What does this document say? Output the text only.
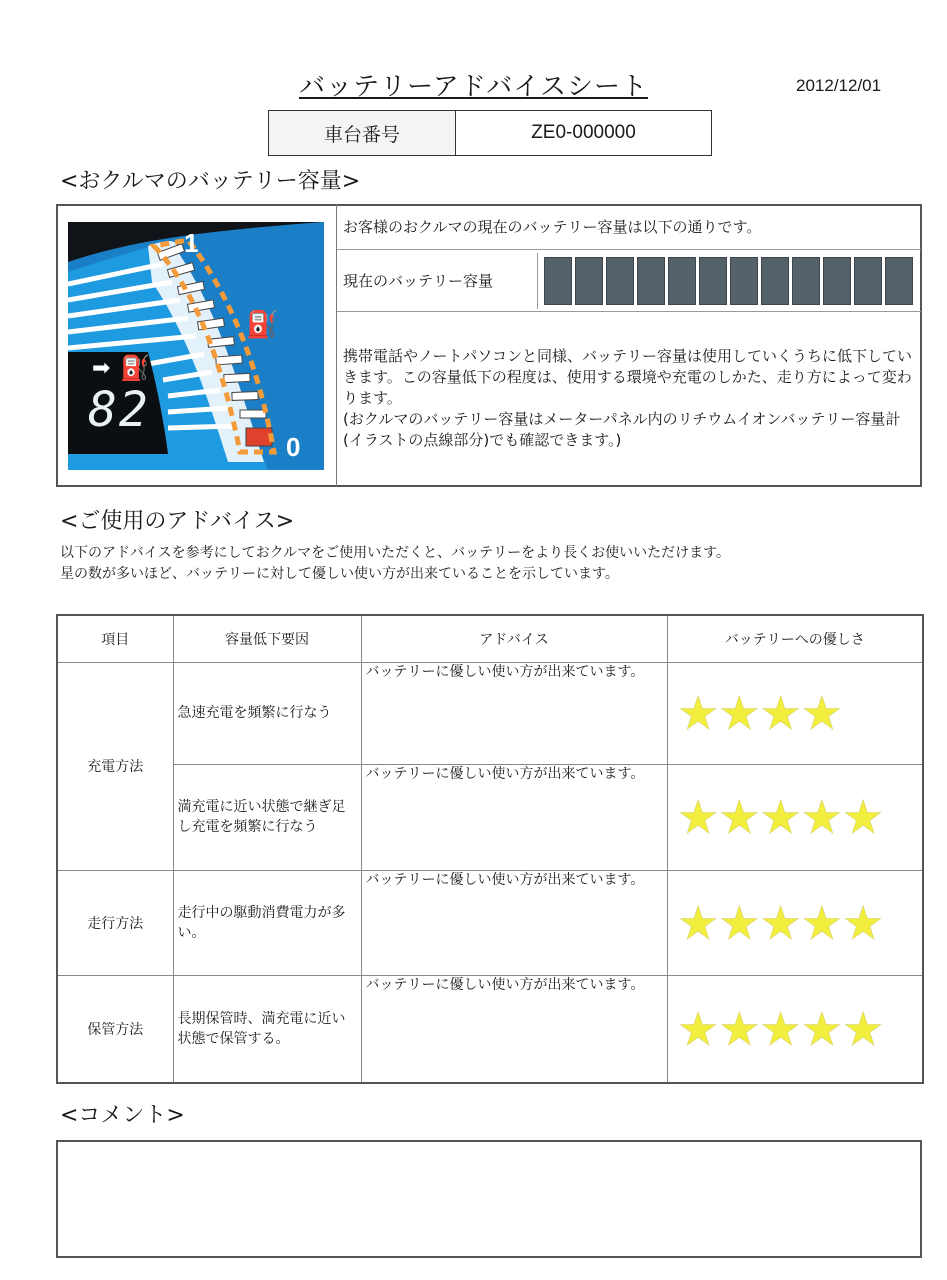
バッテリーアドバイスシート	2012/12/01
車台番号	ZE0-000000
<おクルマのバッテリー容量>
1
0
⛽
➡ ⛽
82
お客様のおクルマの現在のバッテリー容量は以下の通りです。
現在のバッテリー容量
携帯電話やノートパソコンと同様、バッテリー容量は使用していくうちに低下していきます。この容量低下の程度は、使用する環境や充電のしかた、走り方によって変わります。
(おクルマのバッテリー容量はメーターパネル内のリチウムイオンバッテリー容量計(イラストの点線部分)でも確認できます。)
<ご使用のアドバイス>
以下のアドバイスを参考にしておクルマをご使用いただくと、バッテリーをより長くお使いいただけます。
星の数が多いほど、バッテリーに対して優しい使い方が出来ていることを示しています。
項目	容量低下要因	アドバイス	バッテリーへの優しさ
充電方法	急速充電を頻繁に行なう	バッテリーに優しい使い方が出来ています。	★★★★
	満充電に近い状態で継ぎ足し充電を頻繁に行なう	バッテリーに優しい使い方が出来ています。	★★★★★
走行方法	走行中の駆動消費電力が多い。	バッテリーに優しい使い方が出来ています。	★★★★★
保管方法	長期保管時、満充電に近い状態で保管する。	バッテリーに優しい使い方が出来ています。	★★★★★
<コメント>
